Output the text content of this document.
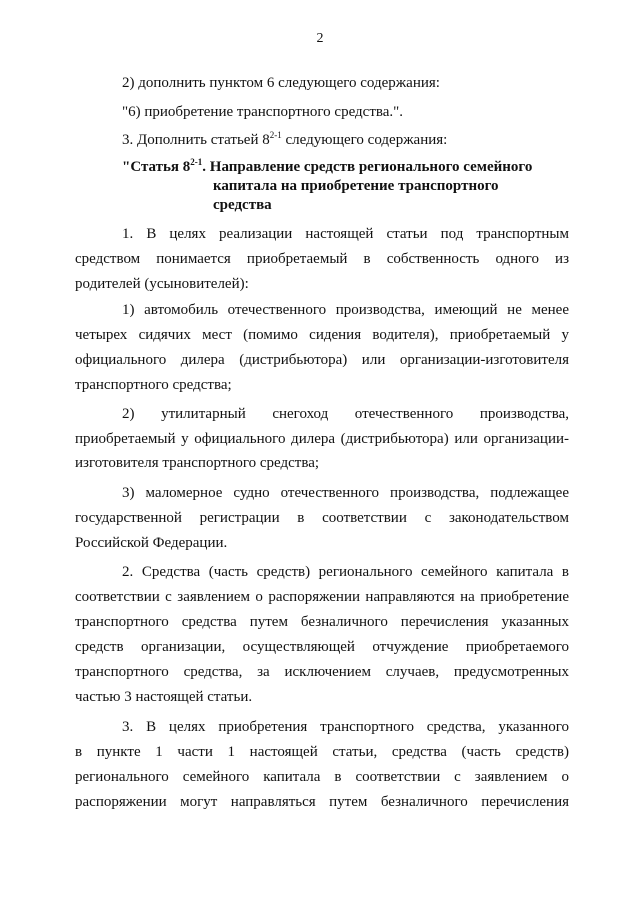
2
2) дополнить пунктом 6 следующего содержания:
"6) приобретение транспортного средства.".
3. Дополнить статьей 8$^{2-1}$ следующего содержания:
"Статья 8$^{2-1}$. Направление средств регионального семейного
капитала на приобретение транспортного
средства
1. В целях реализации настоящей статьи под транспортным
средством понимается приобретаемый в собственность одного из
родителей (усыновителей):
1) автомобиль отечественного производства, имеющий не менее
четырех сидячих мест (помимо сидения водителя), приобретаемый у
официального дилера (дистрибьютора) или организации-изготовителя
транспортного средства;
2) утилитарный снегоход отечественного производства,
приобретаемый у официального дилера (дистрибьютора) или организации-
изготовителя транспортного средства;
3) маломерное судно отечественного производства, подлежащее
государственной регистрации в соответствии с законодательством
Российской Федерации.
2. Средства (часть средств) регионального семейного капитала в
соответствии с заявлением о распоряжении направляются на приобретение
транспортного средства путем безналичного перечисления указанных
средств организации, осуществляющей отчуждение приобретаемого
транспортного средства, за исключением случаев, предусмотренных
частью 3 настоящей статьи.
3. В целях приобретения транспортного средства, указанного
в пункте 1 части 1 настоящей статьи, средства (часть средств)
регионального семейного капитала в соответствии с заявлением о
распоряжении могут направляться путем безналичного перечисления
